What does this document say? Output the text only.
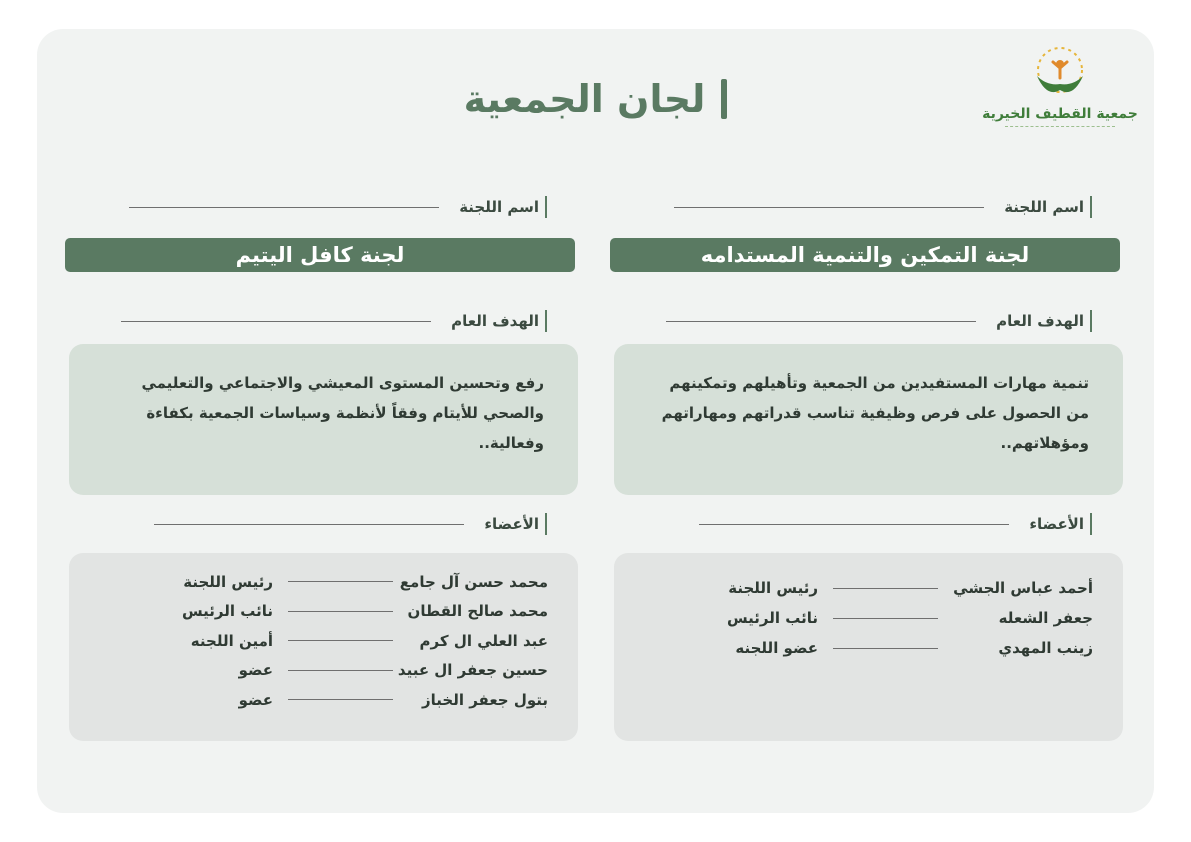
جمعية القطيف الخيرية
لجان الجمعية
اسم اللجنة
لجنة التمكين والتنمية المستدامه
الهدف العام

تنمية مهارات المستفيدين من الجمعية وتأهيلهم وتمكينهم من الحصول على فرص وظيفية تناسب قدراتهم ومهاراتهم ومؤهلاتهم..

الأعضاء
أحمد عباس الجشي
رئيس اللجنة
جعفر الشعله
نائب الرئيس
زينب المهدي
عضو اللجنه
اسم اللجنة
لجنة كافل اليتيم
الهدف العام

رفع وتحسين المستوى المعيشي والاجتماعي والتعليمي والصحي للأيتام وفقاً لأنظمة وسياسات الجمعية بكفاءة وفعالية..

الأعضاء
محمد حسن آل جامع
رئيس اللجنة
محمد صالح القطان
نائب الرئيس
عبد العلي ال كرم
أمين اللجنه
حسين جعفر ال عبيد
عضو
بتول جعفر الخباز
عضو
